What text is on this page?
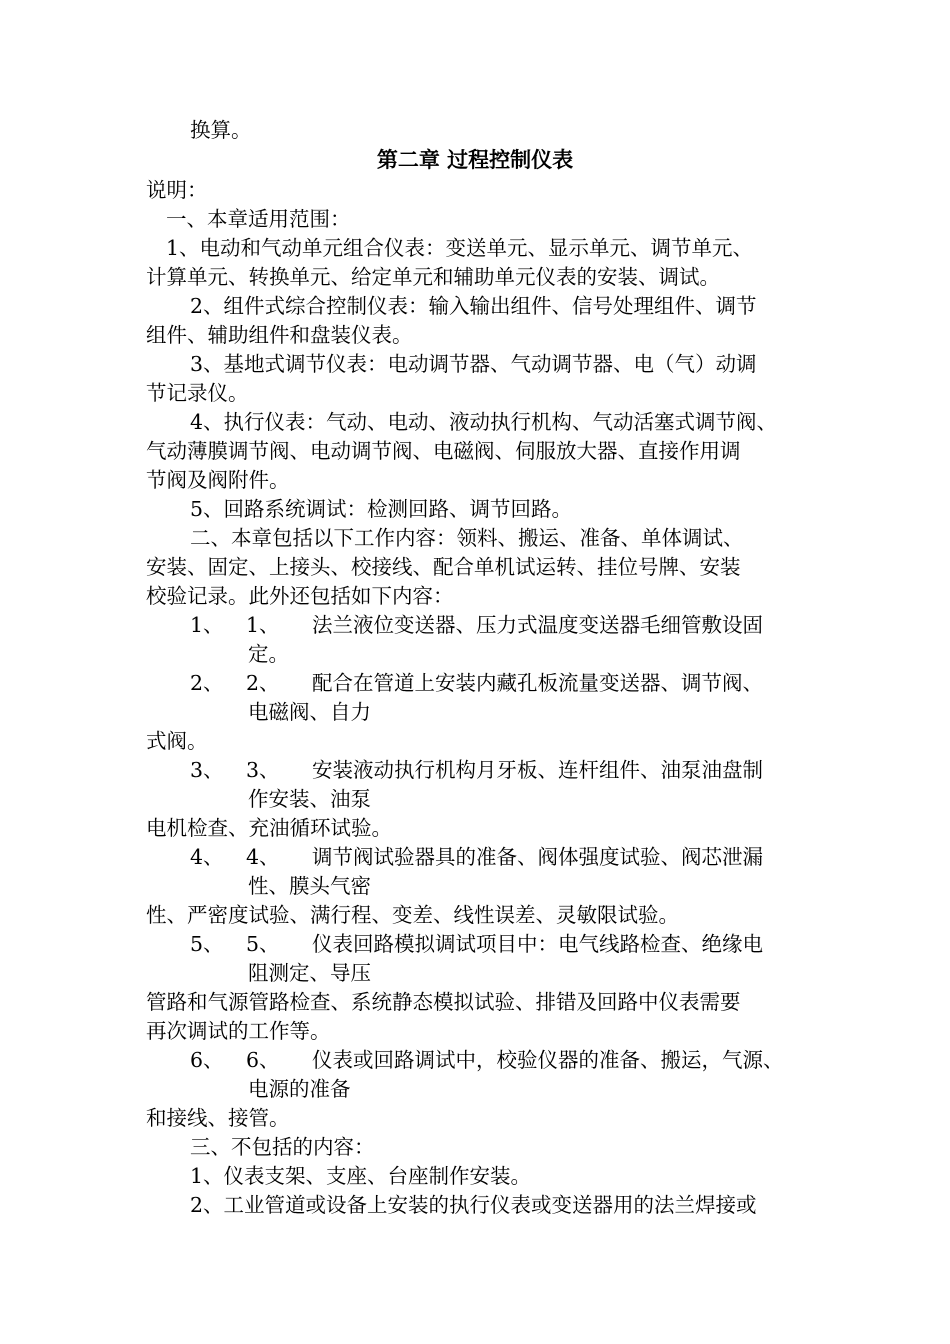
换算。
第二章 过程控制仪表
说明：
一、本章适用范围：
1、电动和气动单元组合仪表：变送单元、显示单元、调节单元、
计算单元、转换单元、给定单元和辅助单元仪表的安装、调试。
2、组件式综合控制仪表：输入输出组件、信号处理组件、调节
组件、辅助组件和盘装仪表。
3、基地式调节仪表：电动调节器、气动调节器、电（气）动调
节记录仪。
4、执行仪表：气动、电动、液动执行机构、气动活塞式调节阀、
气动薄膜调节阀、电动调节阀、电磁阀、伺服放大器、直接作用调
节阀及阀附件。
5、回路系统调试：检测回路、调节回路。
二、本章包括以下工作内容：领料、搬运、准备、单体调试、
安装、固定、上接头、校接线、配合单机试运转、挂位号牌、安装
校验记录。此外还包括如下内容：
1、 1、 法兰液位变送器、压力式温度变送器毛细管敷设固
定。
2、 2、 配合在管道上安装内藏孔板流量变送器、调节阀、
电磁阀、自力
式阀。
3、 3、 安装液动执行机构月牙板、连杆组件、油泵油盘制
作安装、油泵
电机检查、充油循环试验。
4、 4、 调节阀试验器具的准备、阀体强度试验、阀芯泄漏
性、膜头气密
性、严密度试验、满行程、变差、线性误差、灵敏限试验。
5、 5、 仪表回路模拟调试项目中：电气线路检查、绝缘电
阻测定、导压
管路和气源管路检查、系统静态模拟试验、排错及回路中仪表需要
再次调试的工作等。
6、 6、 仪表或回路调试中，校验仪器的准备、搬运，气源、
电源的准备
和接线、接管。
三、不包括的内容：
1、仪表支架、支座、台座制作安装。
2、工业管道或设备上安装的执行仪表或变送器用的法兰焊接或
